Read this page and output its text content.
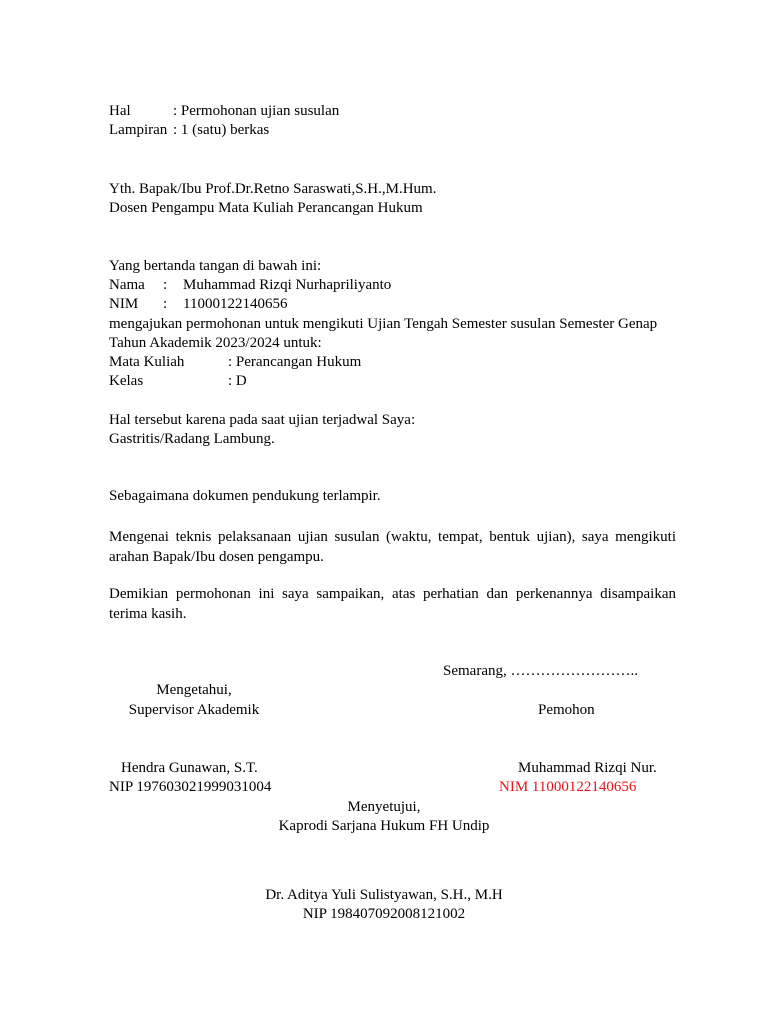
Hal	: Permohonan ujian susulan
Lampiran : 1 (satu) berkas
Yth. Bapak/Ibu Prof.Dr.Retno Saraswati,S.H.,M.Hum.
Dosen Pengampu Mata Kuliah Perancangan Hukum
Yang bertanda tangan di bawah ini:
Nama : Muhammad Rizqi Nurhapriliyanto
NIM : 11000122140656
mengajukan permohonan untuk mengikuti Ujian Tengah Semester susulan Semester Genap
Tahun Akademik 2023/2024 untuk:
Mata Kuliah	: Perancangan Hukum
Kelas	: D
Hal tersebut karena pada saat ujian terjadwal Saya:
Gastritis/Radang Lambung.
Sebagaimana dokumen pendukung terlampir.
Mengenai teknis pelaksanaan ujian susulan (waktu, tempat, bentuk ujian), saya mengikuti arahan Bapak/Ibu dosen pengampu.
Demikian permohonan ini saya sampaikan, atas perhatian dan perkenannya disampaikan terima kasih.
Semarang, ……………………..
Mengetahui,
Supervisor Akademik	Pemohon
Hendra Gunawan, S.T.	Muhammad Rizqi Nur.
NIP 197603021999031004	NIM 11000122140656
Menyetujui,
Kaprodi Sarjana Hukum FH Undip
Dr. Aditya Yuli Sulistyawan, S.H., M.H
NIP 198407092008121002
